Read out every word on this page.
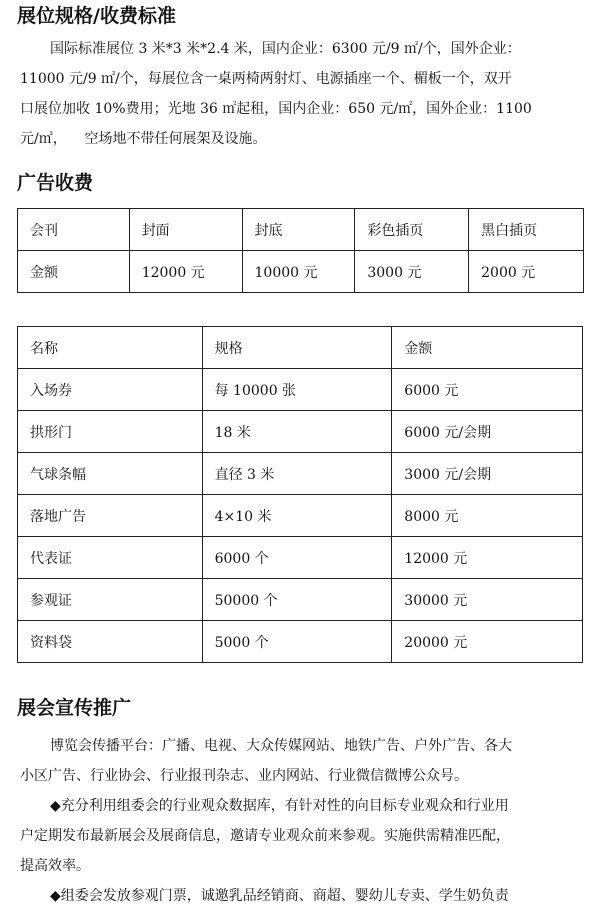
展位规格/收费标准
国际标准展位 3 米*3 米*2.4 米，国内企业：6300 元/9 ㎡/个，国外企业：
11000 元/9 ㎡/个，每展位含一桌两椅两射灯、电源插座一个、楣板一个，双开
口展位加收 10%费用；光地 36 ㎡起租，国内企业：650 元/㎡，国外企业：1100
元/㎡，    空场地不带任何展架及设施。
广告收费
会刊	封面	封底	彩色插页	黑白插页
金额	12000 元	10000 元	3000 元	2000 元
名称	规格	金额
入场券	每 10000 张	6000 元
拱形门	18 米	6000 元/会期
气球条幅	直径 3 米	3000 元/会期
落地广告	4×10 米	8000 元
代表证	6000 个	12000 元
参观证	50000 个	30000 元
资料袋	5000 个	20000 元
展会宣传推广
博览会传播平台：广播、电视、大众传媒网站、地铁广告、户外广告、各大
小区广告、行业协会、行业报刊杂志、业内网站、行业微信微博公众号。
◆充分利用组委会的行业观众数据库，有针对性的向目标专业观众和行业用
户定期发布最新展会及展商信息，邀请专业观众前来参观。实施供需精准匹配，
提高效率。
◆组委会发放参观门票，诚邀乳品经销商、商超、婴幼儿专卖、学生奶负责
